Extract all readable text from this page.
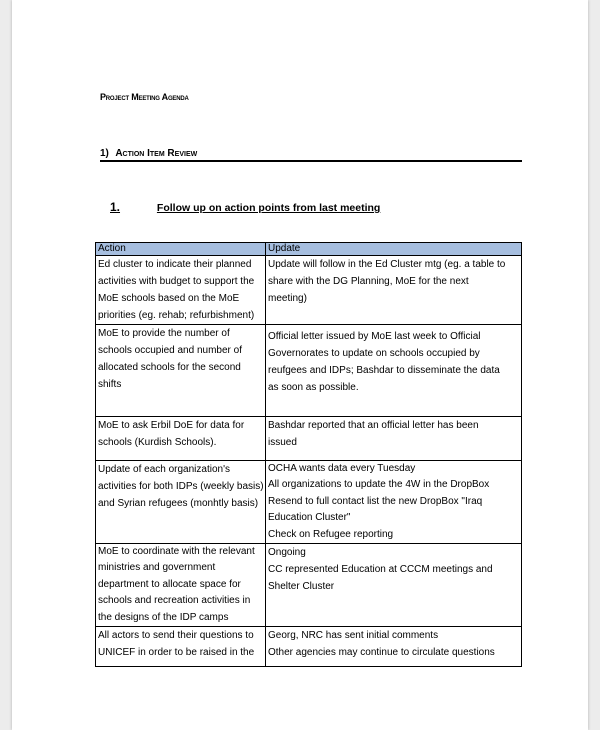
Project Meeting Agenda
1) Action Item Review
1.	Follow up on action points from last meeting
Action	Update

Ed cluster to indicate their planned
activities with budget to support the
MoE schools based on the MoE
priorities (eg. rehab; refurbishment)	Update will follow in the Ed Cluster mtg (eg. a table to
share with the DG Planning, MoE for the next
meeting)

MoE to provide the number of
schools occupied and number of
allocated schools for the second
shifts	Official letter issued by MoE last week to Official
Governorates to update on schools occupied by
reufgees and IDPs; Bashdar to disseminate the data
as soon as possible.

MoE to ask Erbil DoE for data for
schools (Kurdish Schools).	Bashdar reported that an official letter has been
issued

Update of each organization's
activities for both IDPs (weekly basis)
and Syrian refugees (monhtly basis)	OCHA wants data every Tuesday
All organizations to update the 4W in the DropBox
Resend to full contact list the new DropBox "Iraq
Education Cluster"
Check on Refugee reporting

MoE to coordinate with the relevant
ministries and government
department to allocate space for
schools and recreation activities in
the designs of the IDP camps	Ongoing
CC represented Education at CCCM meetings and
Shelter Cluster

All actors to send their questions to
UNICEF in order to be raised in the	Georg, NRC has sent initial comments
Other agencies may continue to circulate questions
